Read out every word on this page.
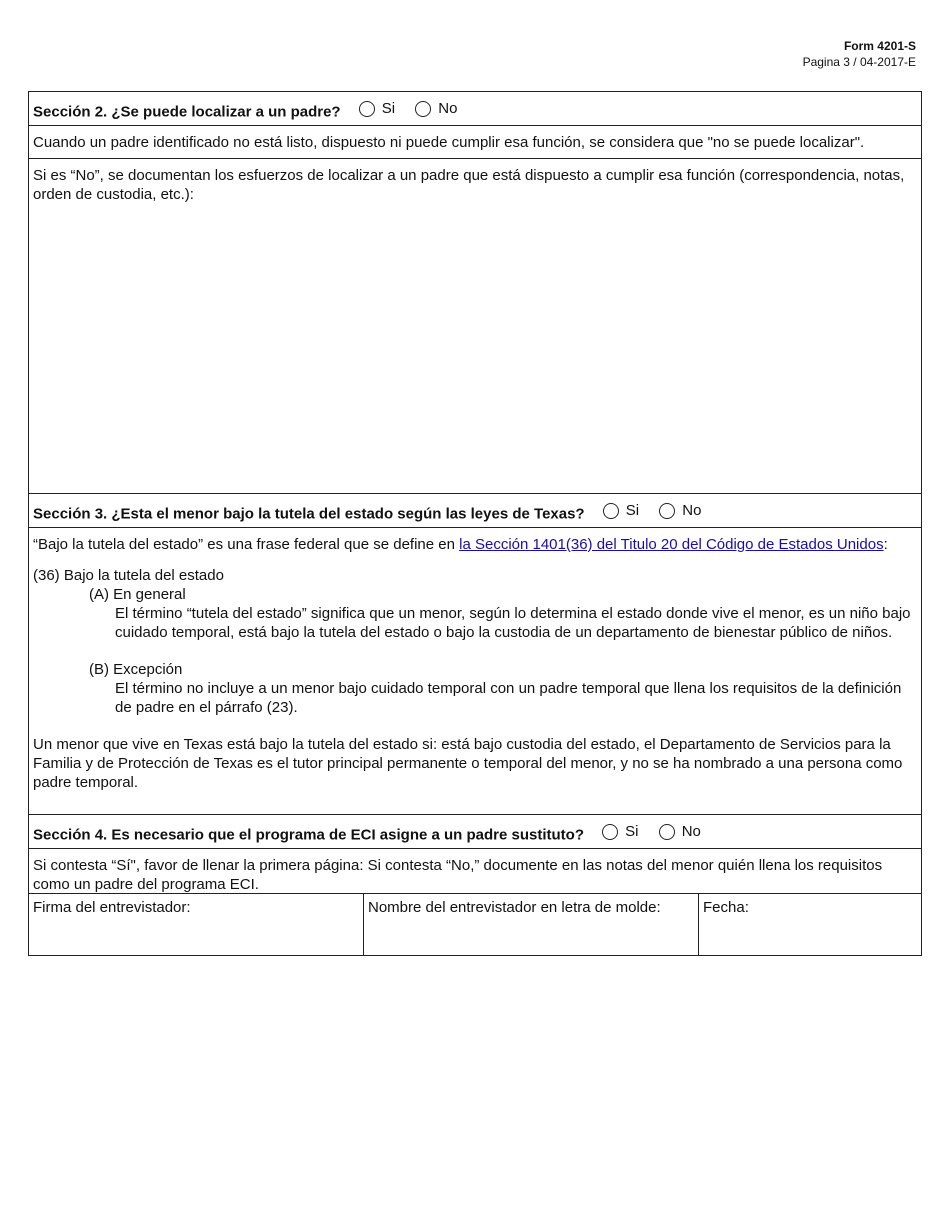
Form 4201-S
Pagina 3 / 04-2017-E
Sección 2. ¿Se puede localizar a un padre?	Si
	No
Cuando un padre identificado no está listo, dispuesto ni puede cumplir esa función, se considera que "no se puede localizar".
Si es “No”, se documentan los esfuerzos de localizar a un padre que está dispuesto a cumplir esa función (correspondencia, notas, orden de custodia, etc.):
Sección 3. ¿Esta el menor bajo la tutela del estado según las leyes de Texas?	Si
	No
“Bajo la tutela del estado” es una frase federal que se define en la Sección 1401(36) del Titulo 20 del Código de Estados Unidos:
(36) Bajo la tutela del estado
(A) En general
El término “tutela del estado” significa que un menor, según lo determina el estado donde vive el menor, es un niño bajo cuidado temporal, está bajo la tutela del estado o bajo la custodia de un departamento de bienestar público de niños.
(B) Excepción
El término no incluye a un menor bajo cuidado temporal con un padre temporal que llena los requisitos de la definición de padre en el párrafo (23).
Un menor que vive en Texas está bajo la tutela del estado si: está bajo custodia del estado, el Departamento de Servicios para la Familia y de Protección de Texas es el tutor principal permanente o temporal del menor, y no se ha nombrado a una persona como padre temporal.
Sección 4. Es necesario que el programa de ECI asigne a un padre sustituto?	Si
	No
Si contesta “Sí", favor de llenar la primera página: Si contesta “No,” documente en las notas del menor quién llena los requisitos como un padre del programa ECI.
Firma del entrevistador:	Nombre del entrevistador en letra de molde:	Fecha:
